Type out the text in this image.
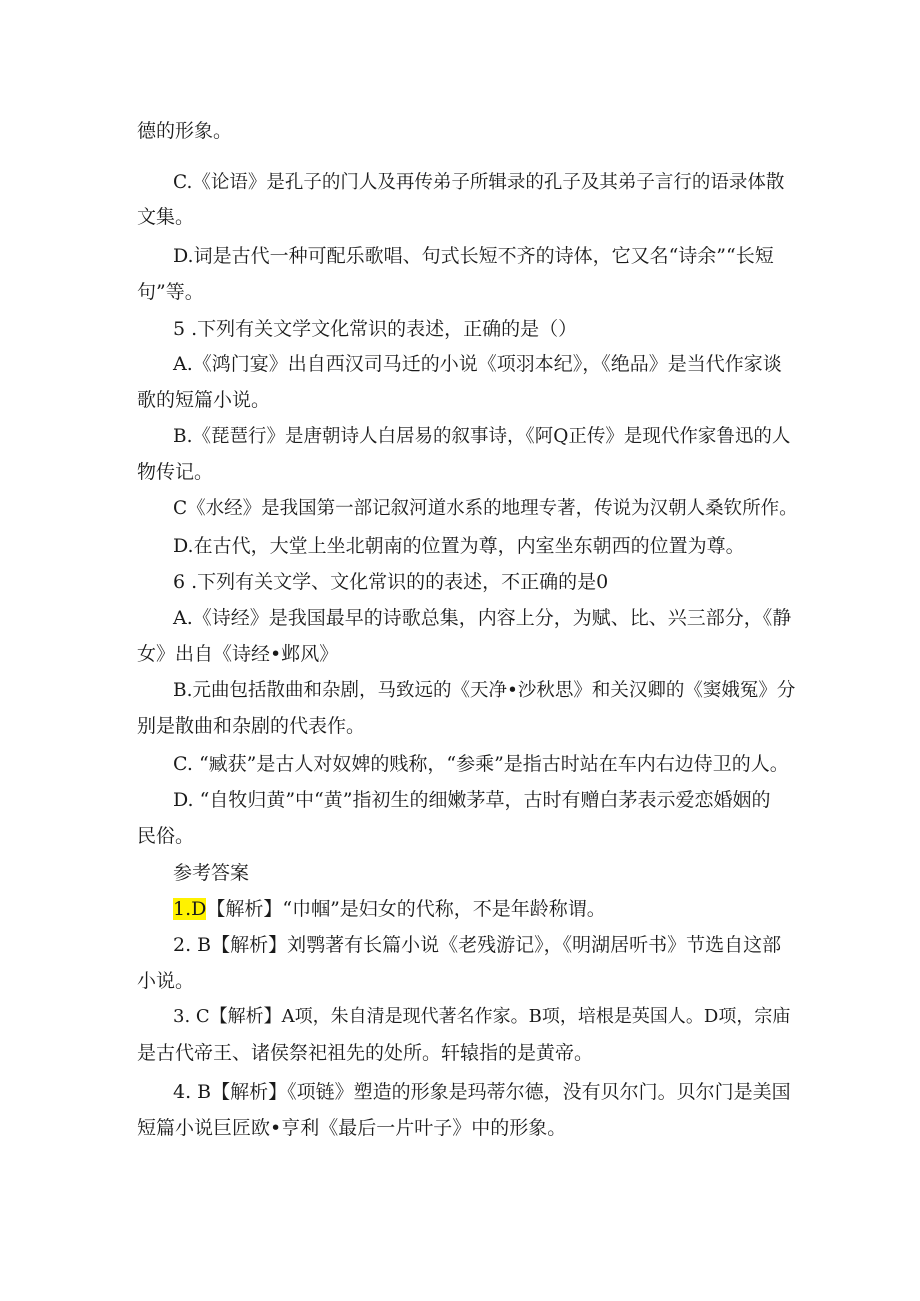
德的形象。
C.《论语》是孔子的门人及再传弟子所辑录的孔子及其弟子言行的语录体散
文集。
D.词是古代一种可配乐歌唱、句式长短不齐的诗体，它又名“诗余”“长短
句”等。
5 .下列有关文学文化常识的表述，正确的是（）
A.《鸿门宴》出自西汉司马迁的小说《项羽本纪》，《绝品》是当代作家谈
歌的短篇小说。
B.《琵琶行》是唐朝诗人白居易的叙事诗，《阿Q正传》是现代作家鲁迅的人
物传记。
C《水经》是我国第一部记叙河道水系的地理专著，传说为汉朝人桑钦所作。
D.在古代，大堂上坐北朝南的位置为尊，内室坐东朝西的位置为尊。
6 .下列有关文学、文化常识的的表述，不正确的是0
A.《诗经》是我国最早的诗歌总集，内容上分，为赋、比、兴三部分，《静
女》出自《诗经•邺风》
B.元曲包括散曲和杂剧，马致远的《天净•沙秋思》和关汉卿的《窦娥冤》分
别是散曲和杂剧的代表作。
C. “臧获”是古人对奴婢的贱称，“参乘”是指古时站在车内右边侍卫的人。
D. “自牧归黄”中“黄”指初生的细嫩茅草，古时有赠白茅表示爱恋婚姻的
民俗。
参考答案
1.D【解析】“巾帼”是妇女的代称，不是年龄称谓。
2. B【解析】刘鹗著有长篇小说《老残游记》，《明湖居听书》节选自这部
小说。
3. C【解析】A项，朱自清是现代著名作家。B项，培根是英国人。D项，宗庙
是古代帝王、诸侯祭祀祖先的处所。轩辕指的是黄帝。
4. B【解析】《项链》塑造的形象是玛蒂尔德，没有贝尔门。贝尔门是美国
短篇小说巨匠欧•亨利《最后一片叶子》中的形象。
